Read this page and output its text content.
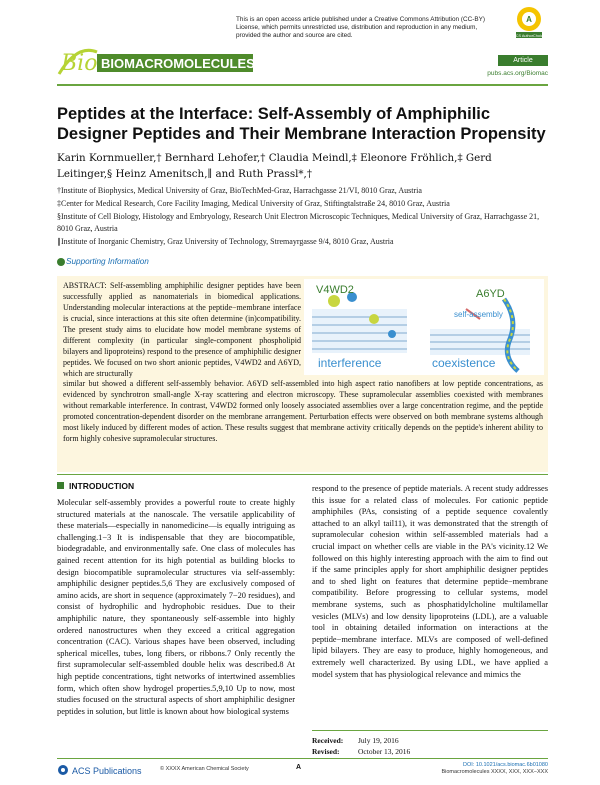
This is an open access article published under a Creative Commons Attribution (CC-BY) License, which permits unrestricted use, distribution and reproduction in any medium, provided the author and source are cited.
A
ACS AuthorChoice
Bio BIOMACROMOLECULES	Article
pubs.acs.org/Biomac
Peptides at the Interface: Self-Assembly of Amphiphilic Designer Peptides and Their Membrane Interaction Propensity
Karin Kornmueller,† Bernhard Lehofer,† Claudia Meindl,‡ Eleonore Fröhlich,‡ Gerd Leitinger,§ Heinz Amenitsch,∥ and Ruth Prassl*,†

†Institute of Biophysics, Medical University of Graz, BioTechMed-Graz, Harrachgasse 21/VI, 8010 Graz, Austria

‡Center for Medical Research, Core Facility Imaging, Medical University of Graz, Stiftingtalstraße 24, 8010 Graz, Austria

§Institute of Cell Biology, Histology and Embryology, Research Unit Electron Microscopic Techniques, Medical University of Graz, Harrachgasse 21, 8010 Graz, Austria

∥Institute of Inorganic Chemistry, Graz University of Technology, Stremayrgasse 9/4, 8010 Graz, Austria

Supporting Information
ABSTRACT: Self-assembling amphiphilic designer peptides have been successfully applied as nanomaterials in biomedical applications. Understanding molecular interactions at the peptide−membrane interface is crucial, since interactions at this site often determine (in)compatibility. The present study aims to elucidate how model membrane systems of different complexity (in particular single-component phospholipid bilayers and lipoproteins) respond to the presence of amphiphilic designer peptides. We focused on two short anionic peptides, V4WD2 and A6YD, which are structurally
V4WD2
interference
A6YD
self-assembly
coexistence
similar but showed a different self-assembly behavior. A6YD self-assembled into high aspect ratio nanofibers at low peptide concentrations, as evidenced by synchrotron small-angle X-ray scattering and electron microscopy. These supramolecular assemblies coexisted with membranes without remarkable interference. In contrast, V4WD2 formed only loosely associated assemblies over a large concentration regime, and the peptide promoted concentration-dependent disorder on the membrane arrangement. Perturbation effects were observed on both membrane systems although most likely induced by different modes of action. These results suggest that membrane activity critically depends on the peptide's inherent ability to form highly cohesive supramolecular structures.
INTRODUCTION
Molecular self-assembly provides a powerful route to create highly structured materials at the nanoscale. The versatile applicability of these materials—especially in nanomedicine—is equally intriguing as challenging.1−3 It is indispensable that they are biocompatible, biodegradable, and environmentally safe. One class of molecules has gained recent attention for its high potential as building blocks to design biocompatible supramolecular structures via self-assembly: amphiphilic designer peptides.5,6 They are exclusively composed of amino acids, are short in sequence (approximately 7−20 residues), and consist of hydrophilic and hydrophobic residues. Due to their amphiphilic nature, they spontaneously self-assemble into highly ordered nanostructures when they exceed a critical aggregation concentration (CAC). Various shapes have been observed, including spherical micelles, tubes, long fibers, or ribbons.7 Only recently the first supramolecular self-assembled double helix was described.8 At high peptide concentrations, tight networks of intertwined assemblies form, which often show hydrogel properties.5,9,10 Up to now, most studies focused on the structural aspects of short amphiphilic designer peptides in solution, but little is known about how biological systems
respond to the presence of peptide materials. A recent study addresses this issue for a related class of molecules. For cationic peptide amphiphiles (PAs, consisting of a peptide sequence covalently attached to an alkyl tail11), it was demonstrated that the strength of supramolecular cohesion within self-assembled materials had a crucial impact on whether cells are viable in the PA's vicinity.12 We followed on this highly interesting approach with the aim to find out if the same principles apply for short amphiphilic designer peptides and to shed light on features that determine peptide−membrane compatibility. Before progressing to cellular systems, model membrane systems, such as phosphatidylcholine multilamellar vesicles (MLVs) and low density lipoproteins (LDL), are a valuable tool in obtaining detailed information on interactions at the peptide−membrane interface. MLVs are composed of well-defined lipid bilayers. They are easy to produce, highly homogeneous, and extremely well characterized. By using LDL, we have applied a model system that has physiological relevance and mimics the
Received: July 19, 2016
Revised: October 13, 2016
ACS Publications	© XXXX American Chemical Society	A	DOI: 10.1021/acs.biomac.6b01080
Biomacromolecules XXXX, XXX, XXX−XXX
